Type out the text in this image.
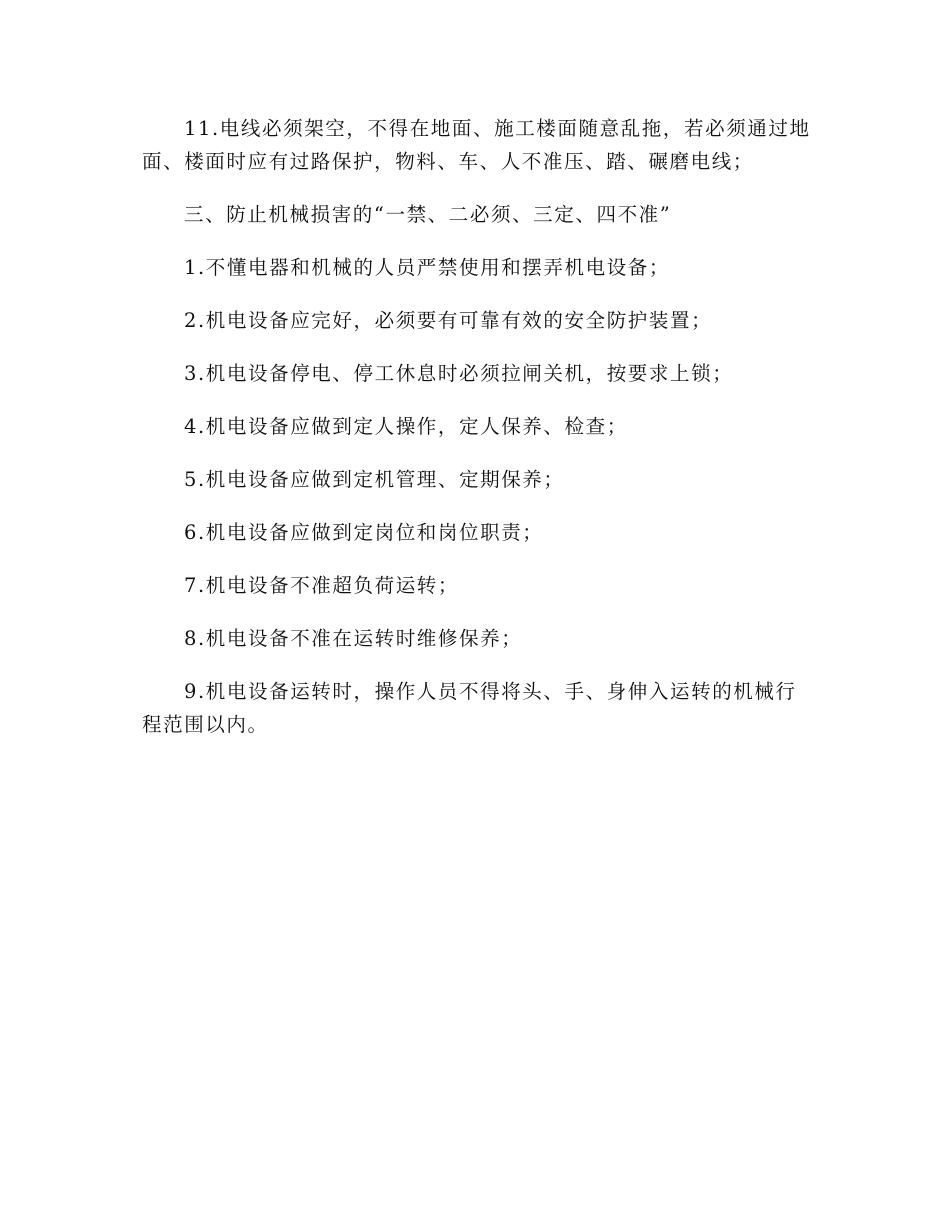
11.电线必须架空，不得在地面、施工楼面随意乱拖，若必须通过地面、楼面时应有过路保护，物料、车、人不准压、踏、碾磨电线；

三、防止机械损害的“一禁、二必须、三定、四不准”

1.不懂电器和机械的人员严禁使用和摆弄机电设备；

2.机电设备应完好，必须要有可靠有效的安全防护装置；

3.机电设备停电、停工休息时必须拉闸关机，按要求上锁；

4.机电设备应做到定人操作，定人保养、检查；

5.机电设备应做到定机管理、定期保养；

6.机电设备应做到定岗位和岗位职责；

7.机电设备不准超负荷运转；

8.机电设备不准在运转时维修保养；

9.机电设备运转时，操作人员不得将头、手、身伸入运转的机械行程范围以内。
